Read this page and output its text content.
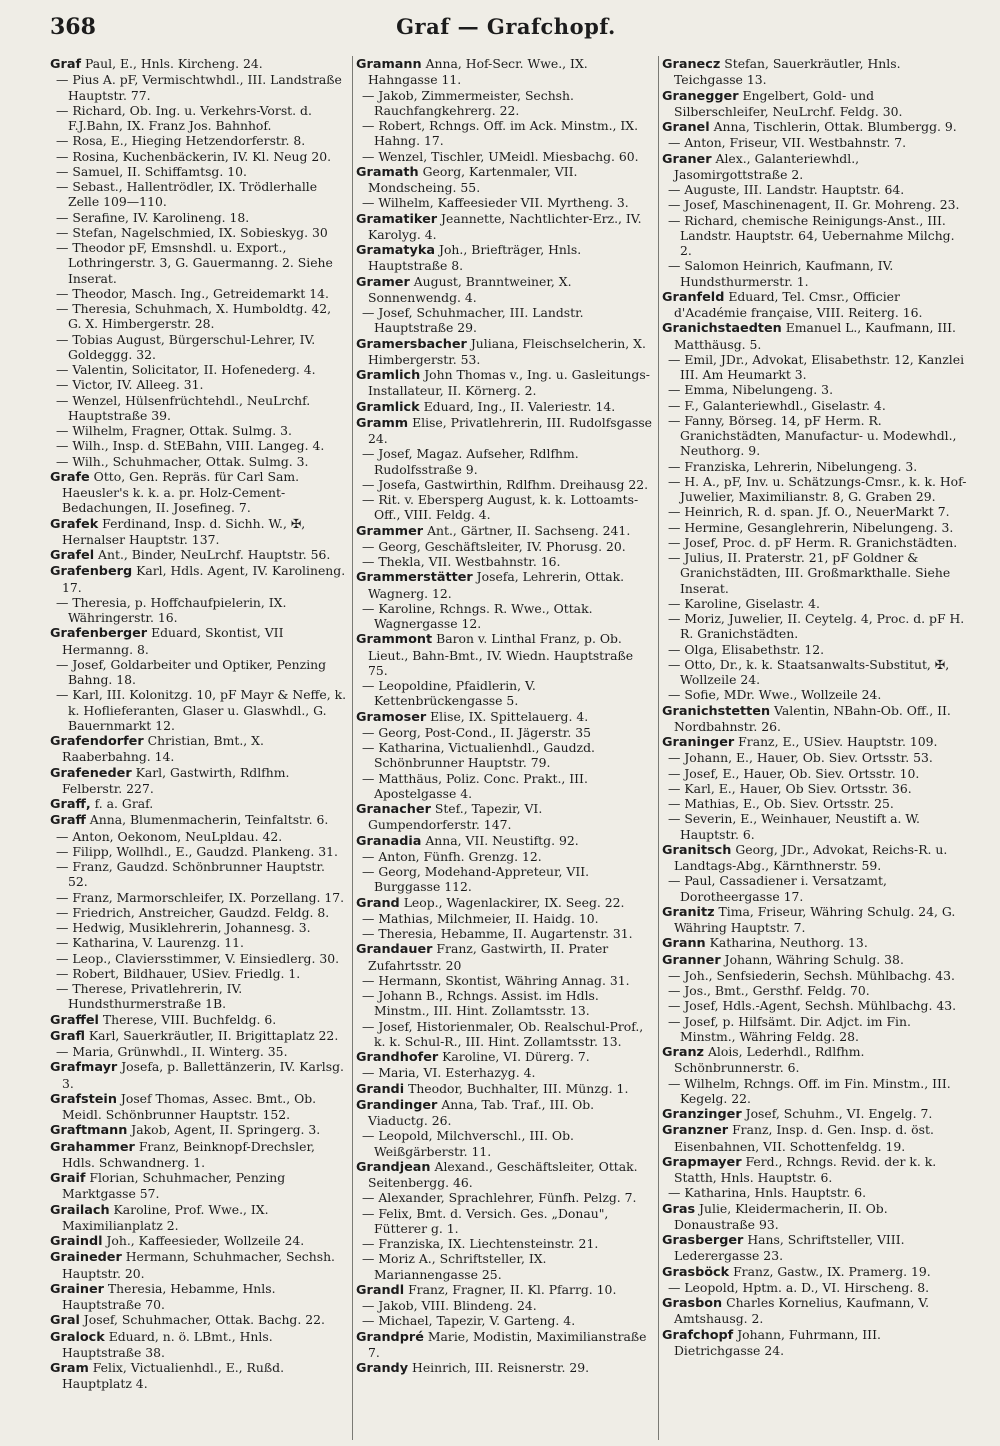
368	Graf — Grafchopf.

Graf Paul, E., Hnls. Kircheng. 24.

— Pius A. pF, Vermischtwhdl., III. Landstraße Hauptstr. 77.

— Richard, Ob. Ing. u. Verkehrs-Vorst. d. F.J.Bahn, IX. Franz Jos. Bahnhof.

— Rosa, E., Hieging Hetzendorferstr. 8.

— Rosina, Kuchenbäckerin, IV. Kl. Neug 20.

— Samuel, II. Schiffamtsg. 10.

— Sebast., Hallentrödler, IX. Trödlerhalle Zelle 109—110.

— Serafine, IV. Karolineng. 18.

— Stefan, Nagelschmied, IX. Sobieskyg. 30

— Theodor pF, Emsnshdl. u. Export., Lothringerstr. 3, G. Gauermanng. 2. Siehe Inserat.

— Theodor, Masch. Ing., Getreidemarkt 14.

— Theresia, Schuhmach, X. Humboldtg. 42, G. X. Himbergerstr. 28.

— Tobias August, Bürgerschul-Lehrer, IV. Goldeggg. 32.

— Valentin, Solicitator, II. Hofenederg. 4.

— Victor, IV. Alleeg. 31.

— Wenzel, Hülsenfrüchtehdl., NeuLrchf. Hauptstraße 39.

— Wilhelm, Fragner, Ottak. Sulmg. 3.

— Wilh., Insp. d. StEBahn, VIII. Langeg. 4.

— Wilh., Schuhmacher, Ottak. Sulmg. 3.

Grafe Otto, Gen. Repräs. für Carl Sam. Haeusler's k. k. a. pr. Holz-Cement-Bedachungen, II. Josefineg. 7.

Grafek Ferdinand, Insp. d. Sichh. W., ✠, Hernalser Hauptstr. 137.

Grafel Ant., Binder, NeuLrchf. Hauptstr. 56.

Grafenberg Karl, Hdls. Agent, IV. Karolineng. 17.

— Theresia, p. Hoffchaufpielerin, IX. Währingerstr. 16.

Grafenberger Eduard, Skontist, VII Hermanng. 8.

— Josef, Goldarbeiter und Optiker, Penzing Bahng. 18.

— Karl, III. Kolonitzg. 10, pF Mayr & Neffe, k. k. Hoflieferanten, Glaser u. Glaswhdl., G. Bauernmarkt 12.

Grafendorfer Christian, Bmt., X. Raaberbahng. 14.

Grafeneder Karl, Gastwirth, Rdlfhm. Felberstr. 227.

Graff, f. a. Graf.

Graff Anna, Blumenmacherin, Teinfaltstr. 6.

— Anton, Oekonom, NeuLpldau. 42.

— Filipp, Wollhdl., E., Gaudzd. Plankeng. 31.

— Franz, Gaudzd. Schönbrunner Hauptstr. 52.

— Franz, Marmorschleifer, IX. Porzellang. 17.

— Friedrich, Anstreicher, Gaudzd. Feldg. 8.

— Hedwig, Musiklehrerin, Johannesg. 3.

— Katharina, V. Laurenzg. 11.

— Leop., Claviersstimmer, V. Einsiedlerg. 30.

— Robert, Bildhauer, USiev. Friedlg. 1.

— Therese, Privatlehrerin, IV. Hundsthurmerstraße 1B.

Graffel Therese, VIII. Buchfeldg. 6.

Grafl Karl, Sauerkräutler, II. Brigittaplatz 22.

— Maria, Grünwhdl., II. Winterg. 35.

Grafmayr Josefa, p. Ballettänzerin, IV. Karlsg. 3.

Grafstein Josef Thomas, Assec. Bmt., Ob. Meidl. Schönbrunner Hauptstr. 152.

Graftmann Jakob, Agent, II. Springerg. 3.

Grahammer Franz, Beinknopf-Drechsler, Hdls. Schwandnerg. 1.

Graif Florian, Schuhmacher, Penzing Marktgasse 57.

Grailach Karoline, Prof. Wwe., IX. Maximilianplatz 2.

Graindl Joh., Kaffeesieder, Wollzeile 24.

Graineder Hermann, Schuhmacher, Sechsh. Hauptstr. 20.

Grainer Theresia, Hebamme, Hnls. Hauptstraße 70.

Gral Josef, Schuhmacher, Ottak. Bachg. 22.

Gralock Eduard, n. ö. LBmt., Hnls. Hauptstraße 38.

Gram Felix, Victualienhdl., E., Rußd. Hauptplatz 4.

Gramann Anna, Hof-Secr. Wwe., IX. Hahngasse 11.

— Jakob, Zimmermeister, Sechsh. Rauchfangkehrerg. 22.

— Robert, Rchngs. Off. im Ack. Minstm., IX. Hahng. 17.

— Wenzel, Tischler, UMeidl. Miesbachg. 60.

Gramath Georg, Kartenmaler, VII. Mondscheing. 55.

— Wilhelm, Kaffeesieder VII. Myrtheng. 3.

Gramatiker Jeannette, Nachtlichter-Erz., IV. Karolyg. 4.

Gramatyka Joh., Briefträger, Hnls. Hauptstraße 8.

Gramer August, Branntweiner, X. Sonnenwendg. 4.

— Josef, Schuhmacher, III. Landstr. Hauptstraße 29.

Gramersbacher Juliana, Fleischselcherin, X. Himbergerstr. 53.

Gramlich John Thomas v., Ing. u. Gasleitungs-Installateur, II. Körnerg. 2.

Gramlick Eduard, Ing., II. Valeriestr. 14.

Gramm Elise, Privatlehrerin, III. Rudolfsgasse 24.

— Josef, Magaz. Aufseher, Rdlfhm. Rudolfsstraße 9.

— Josefa, Gastwirthin, Rdlfhm. Dreihausg 22.

— Rit. v. Ebersperg August, k. k. Lottoamts-Off., VIII. Feldg. 4.

Grammer Ant., Gärtner, II. Sachseng. 241.

— Georg, Geschäftsleiter, IV. Phorusg. 20.

— Thekla, VII. Westbahnstr. 16.

Grammerstätter Josefa, Lehrerin, Ottak. Wagnerg. 12.

— Karoline, Rchngs. R. Wwe., Ottak. Wagnergasse 12.

Grammont Baron v. Linthal Franz, p. Ob. Lieut., Bahn-Bmt., IV. Wiedn. Hauptstraße 75.

— Leopoldine, Pfaidlerin, V. Kettenbrückengasse 5.

Gramoser Elise, IX. Spittelauerg. 4.

— Georg, Post-Cond., II. Jägerstr. 35

— Katharina, Victualienhdl., Gaudzd. Schönbrunner Hauptstr. 79.

— Matthäus, Poliz. Conc. Prakt., III. Apostelgasse 4.

Granacher Stef., Tapezir, VI. Gumpendorferstr. 147.

Granadia Anna, VII. Neustiftg. 92.

— Anton, Fünfh. Grenzg. 12.

— Georg, Modehand-Appreteur, VII. Burggasse 112.

Grand Leop., Wagenlackirer, IX. Seeg. 22.

— Mathias, Milchmeier, II. Haidg. 10.

— Theresia, Hebamme, II. Augartenstr. 31.

Grandauer Franz, Gastwirth, II. Prater Zufahrtsstr. 20

— Hermann, Skontist, Währing Annag. 31.

— Johann B., Rchngs. Assist. im Hdls. Minstm., III. Hint. Zollamtsstr. 13.

— Josef, Historienmaler, Ob. Realschul-Prof., k. k. Schul-R., III. Hint. Zollamtsstr. 13.

Grandhofer Karoline, VI. Dürerg. 7.

— Maria, VI. Esterhazyg. 4.

Grandi Theodor, Buchhalter, III. Münzg. 1.

Grandinger Anna, Tab. Traf., III. Ob. Viaductg. 26.

— Leopold, Milchverschl., III. Ob. Weißgärberstr. 11.

Grandjean Alexand., Geschäftsleiter, Ottak. Seitenbergg. 46.

— Alexander, Sprachlehrer, Fünfh. Pelzg. 7.

— Felix, Bmt. d. Versich. Ges. „Donau", Fütterer g. 1.

— Franziska, IX. Liechtensteinstr. 21.

— Moriz A., Schriftsteller, IX. Mariannengasse 25.

Grandl Franz, Fragner, II. Kl. Pfarrg. 10.

— Jakob, VIII. Blindeng. 24.

— Michael, Tapezir, V. Garteng. 4.

Grandpré Marie, Modistin, Maximilianstraße 7.

Grandy Heinrich, III. Reisnerstr. 29.

Granecz Stefan, Sauerkräutler, Hnls. Teichgasse 13.

Granegger Engelbert, Gold- und Silberschleifer, NeuLrchf. Feldg. 30.

Granel Anna, Tischlerin, Ottak. Blumbergg. 9.

— Anton, Friseur, VII. Westbahnstr. 7.

Graner Alex., Galanteriewhdl., Jasomirgottstraße 2.

— Auguste, III. Landstr. Hauptstr. 64.

— Josef, Maschinenagent, II. Gr. Mohreng. 23.

— Richard, chemische Reinigungs-Anst., III. Landstr. Hauptstr. 64, Uebernahme Milchg. 2.

— Salomon Heinrich, Kaufmann, IV. Hundsthurmerstr. 1.

Granfeld Eduard, Tel. Cmsr., Officier d'Académie française, VIII. Reiterg. 16.

Granichstaedten Emanuel L., Kaufmann, III. Matthäusg. 5.

— Emil, JDr., Advokat, Elisabethstr. 12, Kanzlei III. Am Heumarkt 3.

— Emma, Nibelungeng. 3.

— F., Galanteriewhdl., Giselastr. 4.

— Fanny, Börseg. 14, pF Herm. R. Granichstädten, Manufactur- u. Modewhdl., Neuthorg. 9.

— Franziska, Lehrerin, Nibelungeng. 3.

— H. A., pF, Inv. u. Schätzungs-Cmsr., k. k. Hof-Juwelier, Maximilianstr. 8, G. Graben 29.

— Heinrich, R. d. span. Jf. O., NeuerMarkt 7.

— Hermine, Gesanglehrerin, Nibelungeng. 3.

— Josef, Proc. d. pF Herm. R. Granichstädten.

— Julius, II. Praterstr. 21, pF Goldner & Granichstädten, III. Großmarkthalle. Siehe Inserat.

— Karoline, Giselastr. 4.

— Moriz, Juwelier, II. Ceytelg. 4, Proc. d. pF H. R. Granichstädten.

— Olga, Elisabethstr. 12.

— Otto, Dr., k. k. Staatsanwalts-Substitut, ✠, Wollzeile 24.

— Sofie, MDr. Wwe., Wollzeile 24.

Granichstetten Valentin, NBahn-Ob. Off., II. Nordbahnstr. 26.

Graninger Franz, E., USiev. Hauptstr. 109.

— Johann, E., Hauer, Ob. Siev. Ortsstr. 53.

— Josef, E., Hauer, Ob. Siev. Ortsstr. 10.

— Karl, E., Hauer, Ob Siev. Ortsstr. 36.

— Mathias, E., Ob. Siev. Ortsstr. 25.

— Severin, E., Weinhauer, Neustift a. W. Hauptstr. 6.

Granitsch Georg, JDr., Advokat, Reichs-R. u. Landtags-Abg., Kärnthnerstr. 59.

— Paul, Cassadiener i. Versatzamt, Dorotheergasse 17.

Granitz Tima, Friseur, Währing Schulg. 24, G. Währing Hauptstr. 7.

Grann Katharina, Neuthorg. 13.

Granner Johann, Währing Schulg. 38.

— Joh., Senfsiederin, Sechsh. Mühlbachg. 43.

— Jos., Bmt., Gersthf. Feldg. 70.

— Josef, Hdls.-Agent, Sechsh. Mühlbachg. 43.

— Josef, p. Hilfsämt. Dir. Adjct. im Fin. Minstm., Währing Feldg. 28.

Granz Alois, Lederhdl., Rdlfhm. Schönbrunnerstr. 6.

— Wilhelm, Rchngs. Off. im Fin. Minstm., III. Kegelg. 22.

Granzinger Josef, Schuhm., VI. Engelg. 7.

Granzner Franz, Insp. d. Gen. Insp. d. öst. Eisenbahnen, VII. Schottenfeldg. 19.

Grapmayer Ferd., Rchngs. Revid. der k. k. Statth, Hnls. Hauptstr. 6.

— Katharina, Hnls. Hauptstr. 6.

Gras Julie, Kleidermacherin, II. Ob. Donaustraße 93.

Grasberger Hans, Schriftsteller, VIII. Lederergasse 23.

Grasböck Franz, Gastw., IX. Pramerg. 19.

— Leopold, Hptm. a. D., VI. Hirscheng. 8.

Grasbon Charles Kornelius, Kaufmann, V. Amtshausg. 2.

Grafchopf Johann, Fuhrmann, III. Dietrichgasse 24.
